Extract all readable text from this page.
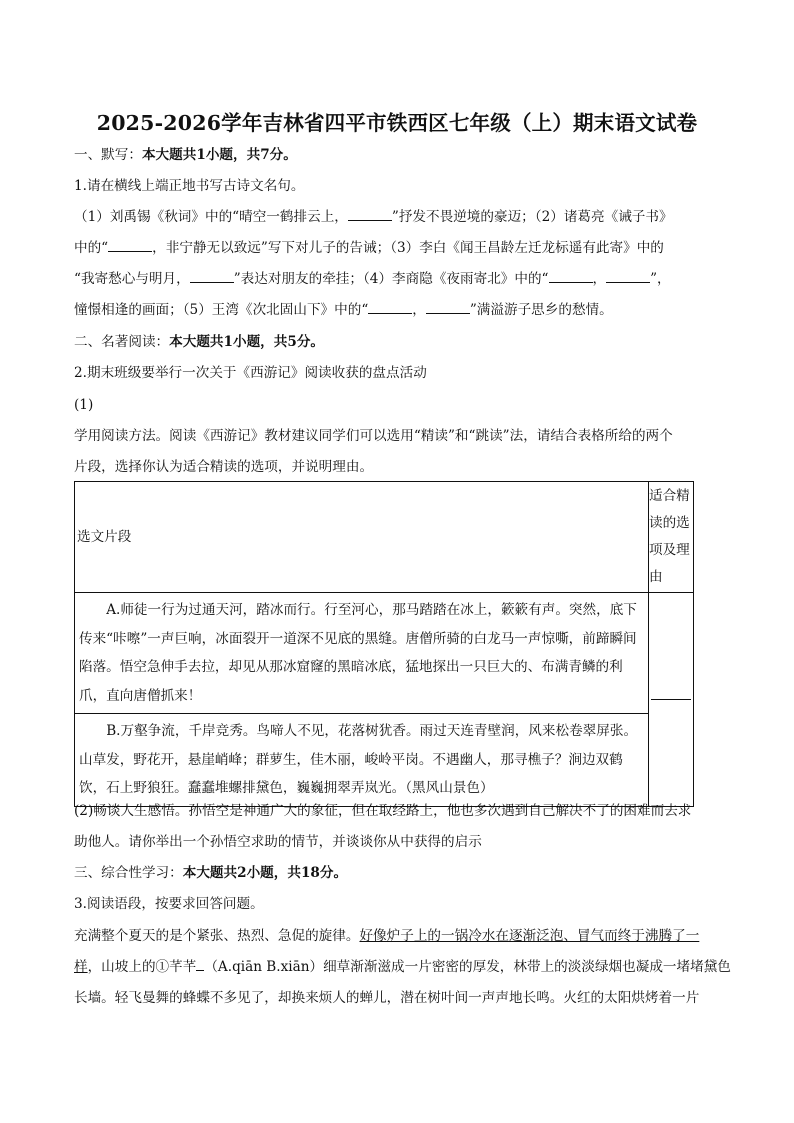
2025-2026学年吉林省四平市铁西区七年级（上）期末语文试卷
一、默写：本大题共1小题，共7分。
1.请在横线上端正地书写古诗文名句。
（1）刘禹锡《秋词》中的“晴空一鹤排云上，	”抒发不畏逆境的豪迈；（2）诸葛亮《诫子书》
中的“	，非宁静无以致远”写下对儿子的告诫；（3）李白《闻王昌龄左迁龙标遥有此寄》中的
“我寄愁心与明月，	”表达对朋友的牵挂；（4）李商隐《夜雨寄北》中的“	，	”，
憧憬相逢的画面；（5）王湾《次北固山下》中的“	，	”满溢游子思乡的愁情。
二、名著阅读：本大题共1小题，共5分。
2.期末班级要举行一次关于《西游记》阅读收获的盘点活动
(1)
学用阅读方法。阅读《西游记》教材建议同学们可以选用“精读”和“跳读”法，请结合表格所给的两个
片段，选择你认为适合精读的选项，并说明理由。
选文片段	适合精读的选项及理由

A.师徒一行为过通天河，踏冰而行。行至河心，那马踏踏在冰上，簌簌有声。突然，底下传来“咔嚓”一声巨响，冰面裂开一道深不见底的黑缝。唐僧所骑的白龙马一声惊嘶，前蹄瞬间陷落。悟空急伸手去拉，却见从那冰窟窿的黑暗冰底，猛地探出一只巨大的、布满青鳞的利爪，直向唐僧抓来！	

B.万壑争流，千岸竞秀。鸟啼人不见，花落树犹香。雨过天连青壁润，风来松卷翠屏张。山草发，野花开，悬崖峭峰；群萝生，佳木丽，峻岭平岗。不遇幽人，那寻樵子？涧边双鹤饮，石上野狼狂。蠢蠢堆螺排黛色，巍巍拥翠弄岚光。（黑风山景色）	

(2)畅谈人生感悟。孙悟空是神通广大的象征，但在取经路上，他也多次遇到自己解决不了的困难而去求
助他人。请你举出一个孙悟空求助的情节，并谈谈你从中获得的启示
三、综合性学习：本大题共2小题，共18分。
3.阅读语段，按要求回答问题。
充满整个夏天的是个紧张、热烈、急促的旋律。好像炉子上的一锅冷水在逐渐泛泡、冒气而终于沸腾了一
样，山坡上的①芊芊 （A.qiān B.xiān）细草渐渐滋成一片密密的厚发，林带上的淡淡绿烟也凝成一堵堵黛色
长墙。轻飞曼舞的蜂蝶不多见了，却换来烦人的蝉儿，潜在树叶间一声声地长鸣。火红的太阳烘烤着一片
